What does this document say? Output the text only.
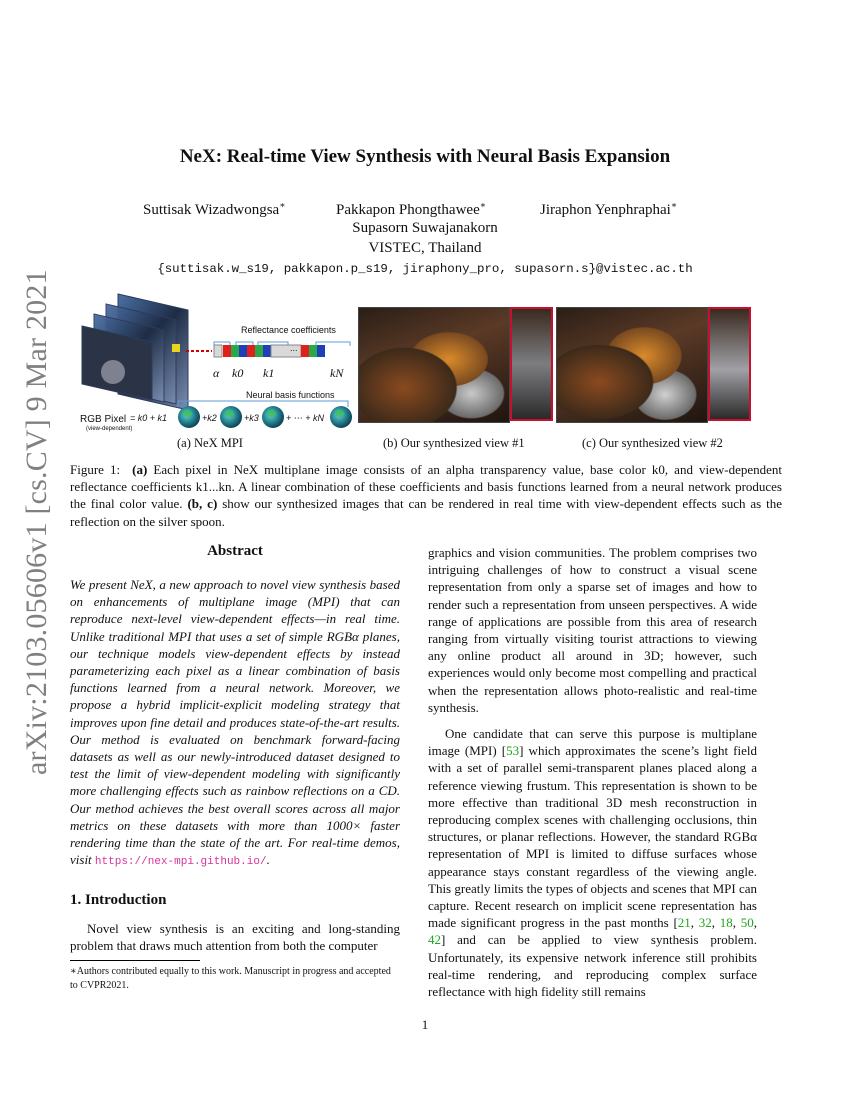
NeX: Real-time View Synthesis with Neural Basis Expansion
Suttisak Wizadwongsa∗	Pakkapon Phongthawee∗	Jiraphon Yenphraphai∗
Supasorn Suwajanakorn
VISTEC, Thailand
{suttisak.w_s19, pakkapon.p_s19, jiraphony_pro, supasorn.s}@vistec.ac.th
arXiv:2103.05606v1 [cs.CV] 9 Mar 2021	Reflectance coefficients
...
α k0 k1	kN
Neural basis functions
RGB Pixel
(view-dependent)
= k0 + k1	+k2	+k3	+ ⋯ + kN
(a) NeX MPI	(b) Our synthesized view #1	(c) Our synthesized view #2
Figure 1: (a) Each pixel in NeX multiplane image consists of an alpha transparency value, base color k0, and view-dependent reflectance coefficients k1...kn. A linear combination of these coefficients and basis functions learned from a neural network produces the final color value. (b, c) show our synthesized images that can be rendered in real time with view-dependent effects such as the reflection on the silver spoon.
Abstract
We present NeX, a new approach to novel view synthesis based on enhancements of multiplane image (MPI) that can reproduce next-level view-dependent effects—in real time. Unlike traditional MPI that uses a set of simple RGBα planes, our technique models view-dependent effects by instead parameterizing each pixel as a linear combination of basis functions learned from a neural network. Moreover, we propose a hybrid implicit-explicit modeling strategy that improves upon fine detail and produces state-of-the-art results. Our method is evaluated on benchmark forward-facing datasets as well as our newly-introduced dataset designed to test the limit of view-dependent modeling with significantly more challenging effects such as rainbow reflections on a CD. Our method achieves the best overall scores across all major metrics on these datasets with more than 1000× faster rendering time than the state of the art. For real-time demos, visit https://nex-mpi.github.io/.
1. Introduction
Novel view synthesis is an exciting and long-standing problem that draws much attention from both the computer
∗Authors contributed equally to this work. Manuscript in progress and accepted to CVPR2021.
graphics and vision communities. The problem comprises two intriguing challenges of how to construct a visual scene representation from only a sparse set of images and how to render such a representation from unseen perspectives. A wide range of applications are possible from this area of research ranging from virtually visiting tourist attractions to viewing any online product all around in 3D; however, such experiences would only become most compelling and practical when the representation allows photo-realistic and real-time synthesis.
One candidate that can serve this purpose is multiplane image (MPI) [53] which approximates the scene’s light field with a set of parallel semi-transparent planes placed along a reference viewing frustum. This representation is shown to be more effective than traditional 3D mesh reconstruction in reproducing complex scenes with challenging occlusions, thin structures, or planar reflections. However, the standard RGBα representation of MPI is limited to diffuse surfaces whose appearance stays constant regardless of the viewing angle. This greatly limits the types of objects and scenes that MPI can capture. Recent research on implicit scene representation has made significant progress in the past months [21, 32, 18, 50, 42] and can be applied to view synthesis problem. Unfortunately, its expensive network inference still prohibits real-time rendering, and reproducing complex surface reflectance with high fidelity still remains
1
